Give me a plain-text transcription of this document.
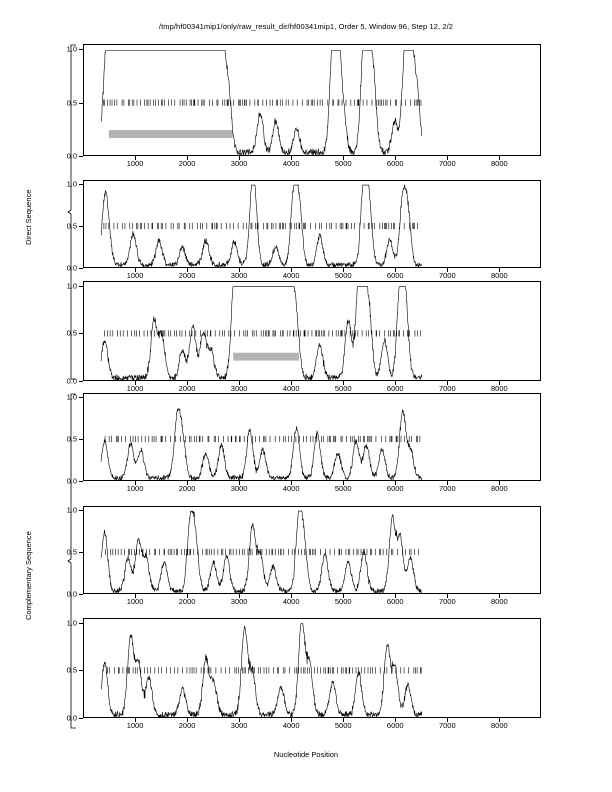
/tmp/hf00341mip1/only/raw_result_dir/hf00341mip1, Order 5, Window 96, Step 12, 2/2
Nucleotide Position
Direct Sequence
Complementary Sequence
0.0
0.5
1.0
1000	2000	3000	4000	5000	6000	7000	8000
0.0
0.5
1.0
1000	2000	3000	4000	5000	6000	7000	8000
0.0
0.5
1.0
1000	2000	3000	4000	5000	6000	7000	8000
0.0
0.5
1.0
1000	2000	3000	4000	5000	6000	7000	8000
0.0
0.5
1.0
1000	2000	3000	4000	5000	6000	7000	8000
0.0
0.5
1.0
1000	2000	3000	4000	5000	6000	7000	8000
